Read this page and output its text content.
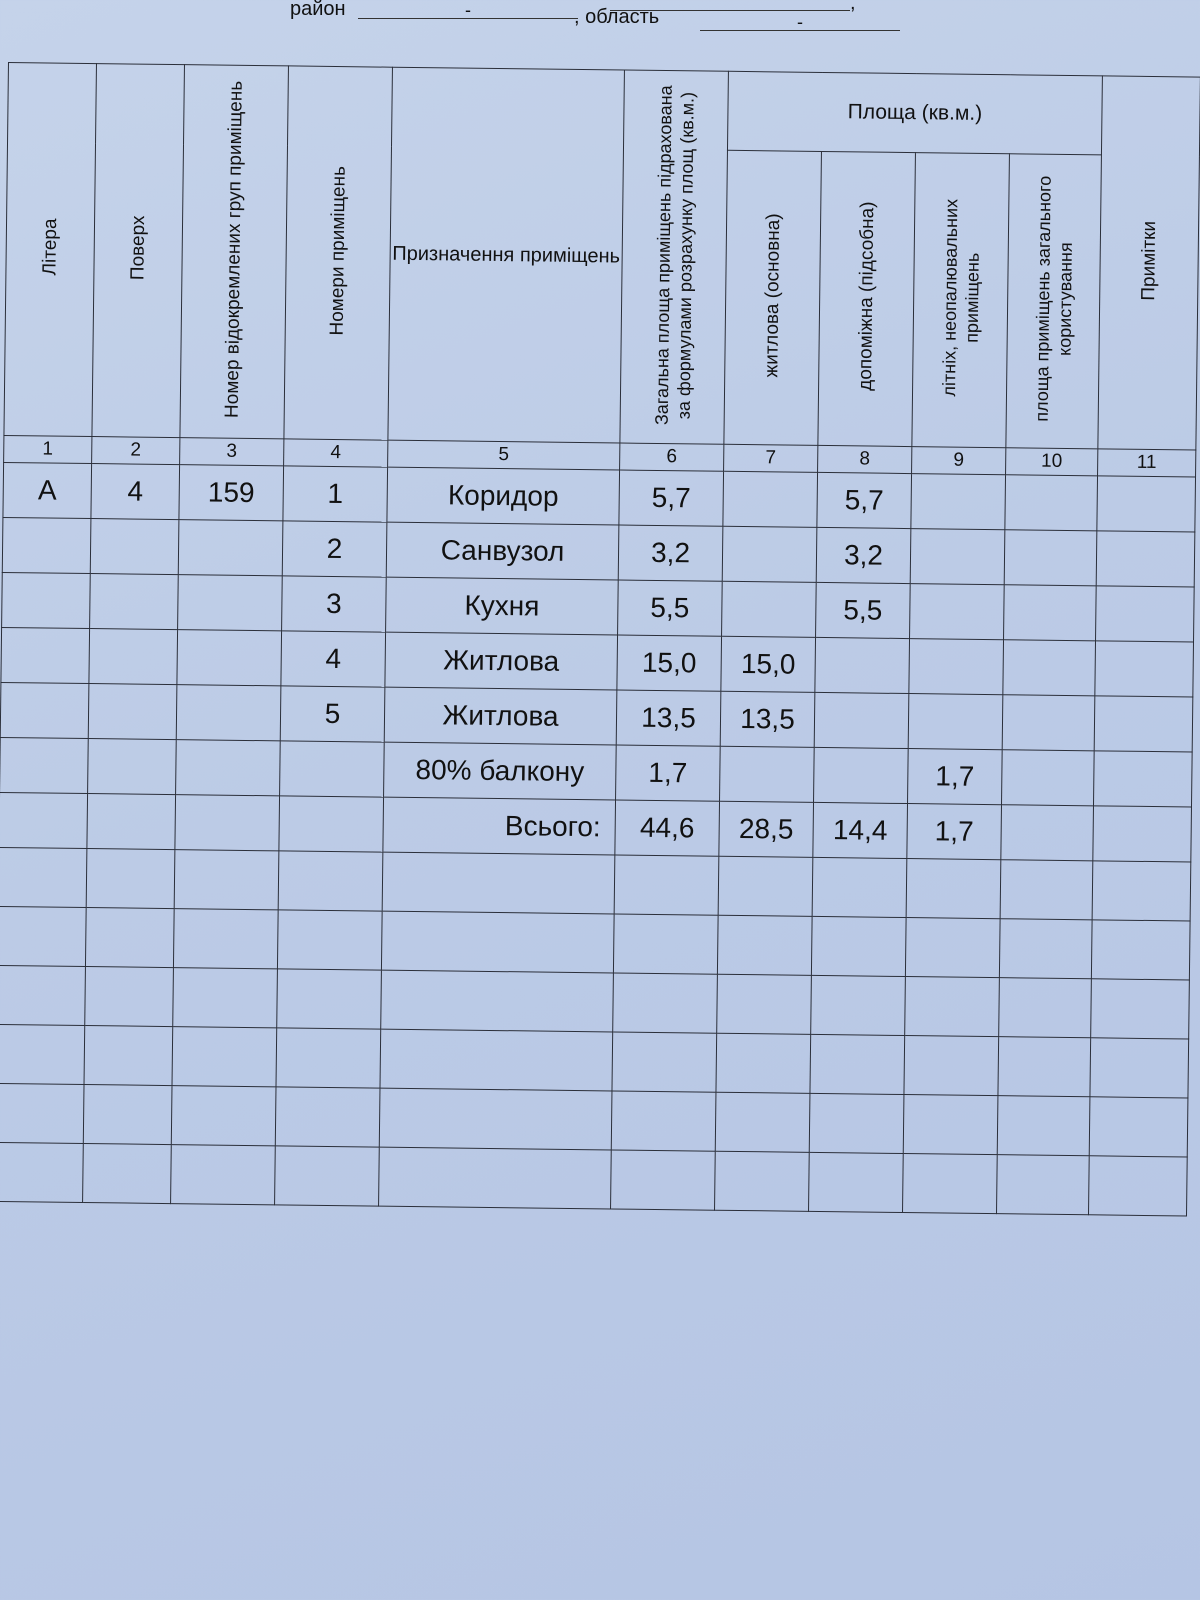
район	-	,
, область	-
Літера	Поверх	Номер відокремлених груп приміщень	Номери приміщень	Призначення приміщень	Загальна площа приміщень підрахована за формулами розрахунку площ (кв.м.)	Площа (кв.м.)				Примітки
						житлова (основна)	допоміжна (підсобна)	літніх, неопалювальних приміщень	площа приміщень загального користування	
1	2	3	4	5	6	7	8	9	10	11
А	4	159	1	Коридор	5,7		5,7			
			2	Санвузол	3,2		3,2			
			3	Кухня	5,5		5,5			
			4	Житлова	15,0	15,0				
			5	Житлова	13,5	13,5				
				80% балкону	1,7			1,7		
				Всього:	44,6	28,5	14,4	1,7		
